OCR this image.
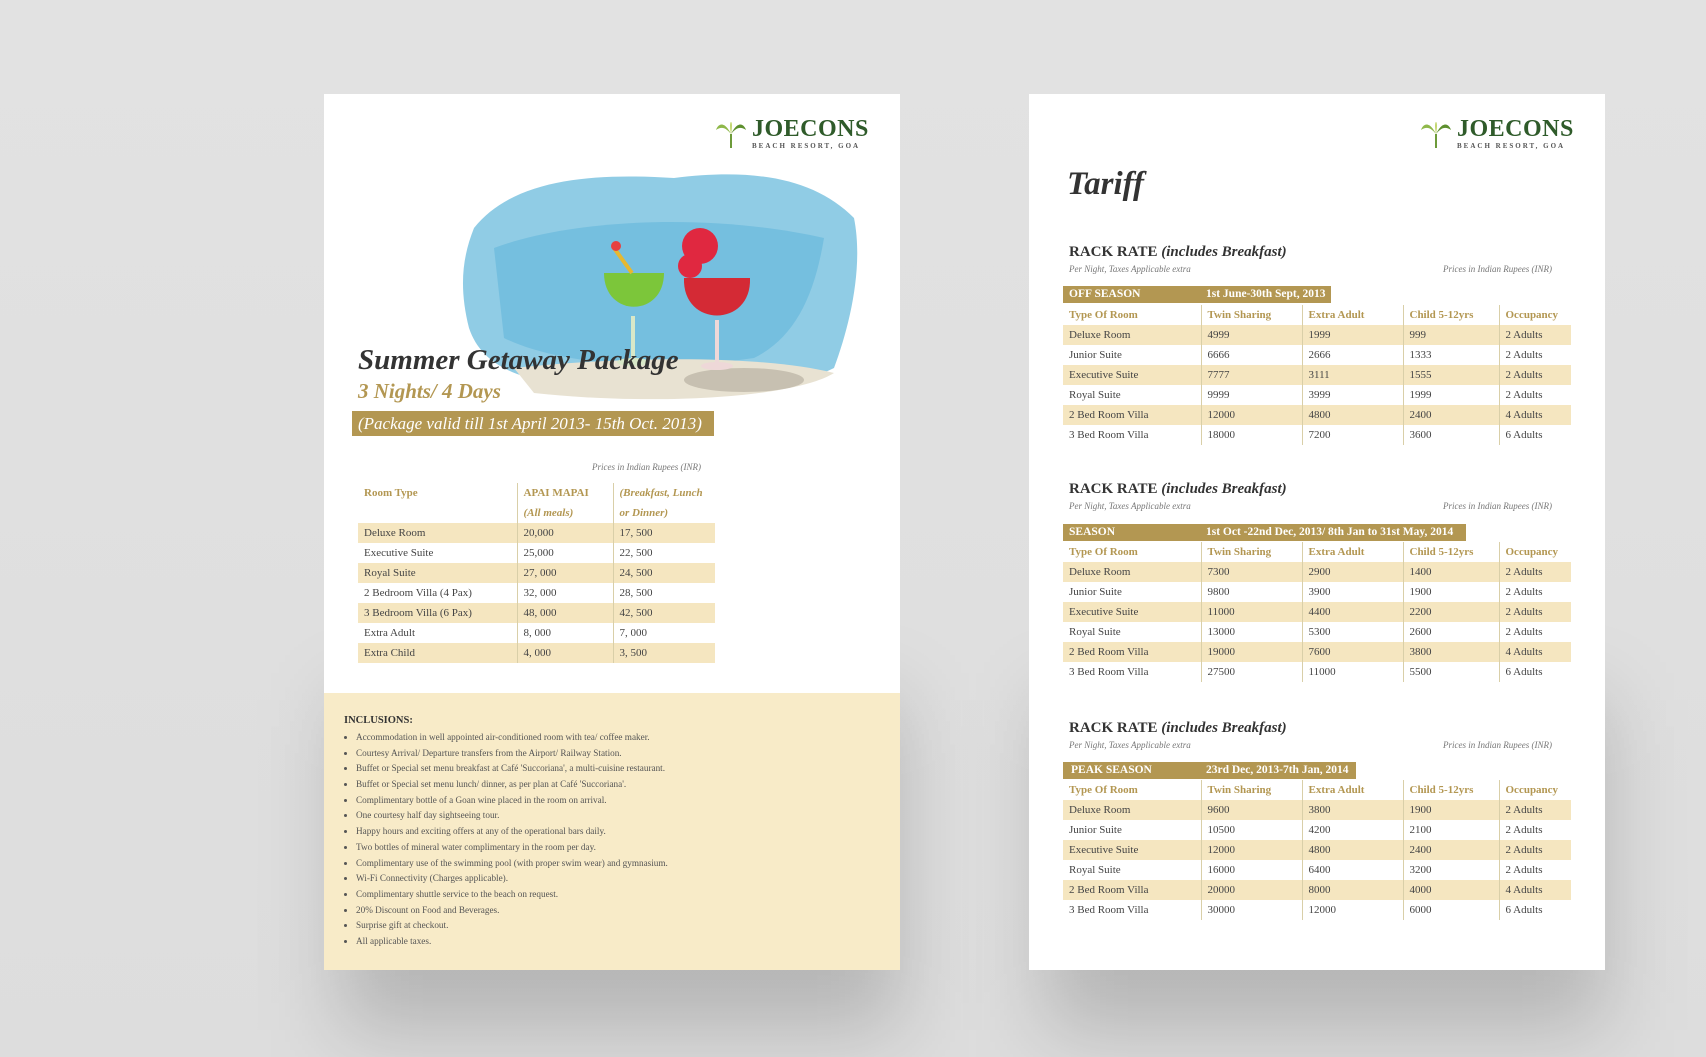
JOECONS
BEACH RESORT, GOA
Summer Getaway Package
3 Nights/ 4 Days
(Package valid till 1st April 2013- 15th Oct. 2013)
Prices in Indian Rupees (INR)
Room Type	APAI MAPAI	(Breakfast, Lunch
	(All meals)	or Dinner)
Deluxe Room	20,000	17, 500
Executive Suite	25,000	22, 500
Royal Suite	27, 000	24, 500
2 Bedroom Villa (4 Pax)	32, 000	28, 500
3 Bedroom Villa (6 Pax)	48, 000	42, 500
Extra Adult	8, 000	7, 000
Extra Child	4, 000	3, 500
INCLUSIONS:
• Accommodation in well appointed air-conditioned room with tea/ coffee maker.
• Courtesy Arrival/ Departure transfers from the Airport/ Railway Station.
• Buffet or Special set menu breakfast at Café 'Succoriana', a multi-cuisine restaurant.
• Buffet or Special set menu lunch/ dinner, as per plan at Café 'Succoriana'.
• Complimentary bottle of a Goan wine placed in the room on arrival.
• One courtesy half day sightseeing tour.
• Happy hours and exciting offers at any of the operational bars daily.
• Two bottles of mineral water complimentary in the room per day.
• Complimentary use of the swimming pool (with proper swim wear) and gymnasium.
• Wi-Fi Connectivity (Charges applicable).
• Complimentary shuttle service to the beach on request.
• 20% Discount on Food and Beverages.
• Surprise gift at checkout.
• All applicable taxes.
JOECONS
BEACH RESORT, GOA
Tariff
RACK RATE (includes Breakfast)
Per Night, Taxes Applicable extra	Prices in Indian Rupees (INR)
OFF SEASON	1st June-30th Sept, 2013
Type Of Room	Twin Sharing	Extra Adult	Child 5-12yrs	Occupancy
Deluxe Room	4999	1999	999	2 Adults
Junior Suite	6666	2666	1333	2 Adults
Executive Suite	7777	3111	1555	2 Adults
Royal Suite	9999	3999	1999	2 Adults
2 Bed Room Villa	12000	4800	2400	4 Adults
3 Bed Room Villa	18000	7200	3600	6 Adults
RACK RATE (includes Breakfast)
Per Night, Taxes Applicable extra	Prices in Indian Rupees (INR)
SEASON	1st Oct -22nd Dec, 2013/ 8th Jan to 31st May, 2014
Type Of Room	Twin Sharing	Extra Adult	Child 5-12yrs	Occupancy
Deluxe Room	7300	2900	1400	2 Adults
Junior Suite	9800	3900	1900	2 Adults
Executive Suite	11000	4400	2200	2 Adults
Royal Suite	13000	5300	2600	2 Adults
2 Bed Room Villa	19000	7600	3800	4 Adults
3 Bed Room Villa	27500	11000	5500	6 Adults
RACK RATE (includes Breakfast)
Per Night, Taxes Applicable extra	Prices in Indian Rupees (INR)
PEAK SEASON	23rd Dec, 2013-7th Jan, 2014
Type Of Room	Twin Sharing	Extra Adult	Child 5-12yrs	Occupancy
Deluxe Room	9600	3800	1900	2 Adults
Junior Suite	10500	4200	2100	2 Adults
Executive Suite	12000	4800	2400	2 Adults
Royal Suite	16000	6400	3200	2 Adults
2 Bed Room Villa	20000	8000	4000	4 Adults
3 Bed Room Villa	30000	12000	6000	6 Adults
